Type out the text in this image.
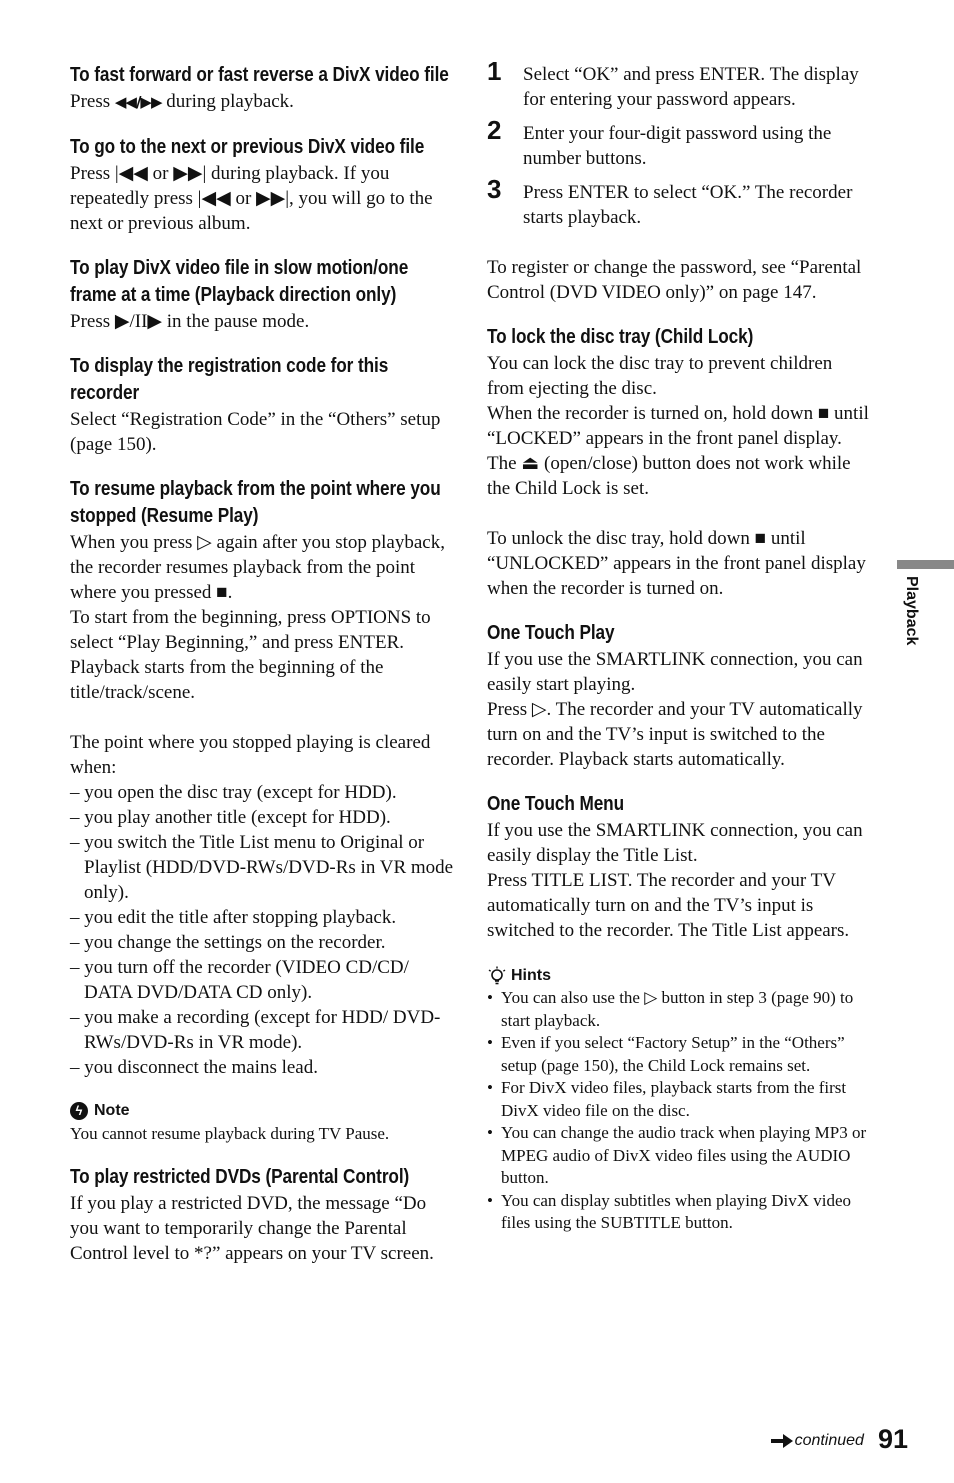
To fast forward or fast reverse a DivX video file

Press ◀◀/▶▶ during playback.

To go to the next or previous DivX video file

Press |◀◀ or ▶▶| during playback. If you repeatedly press |◀◀ or ▶▶|, you will go to the next or previous album.

To play DivX video file in slow motion/one frame at a time (Playback direction only)

Press ▶/II▶ in the pause mode.

To display the registration code for this recorder

Select “Registration Code” in the “Others” setup (page 150).

To resume playback from the point where you stopped (Resume Play)

When you press ▷ again after you stop playback, the recorder resumes playback from the point where you pressed ■.

To start from the beginning, press OPTIONS to select “Play Beginning,” and press ENTER. Playback starts from the beginning of the title/track/scene.

The point where you stopped playing is cleared when:

– you open the disc tray (except for HDD).
– you play another title (except for HDD).
– you switch the Title List menu to Original or Playlist (HDD/DVD-RWs/DVD-Rs in VR mode only).
– you edit the title after stopping playback.
– you change the settings on the recorder.
– you turn off the recorder (VIDEO CD/CD/ DATA DVD/DATA CD only).
– you make a recording (except for HDD/ DVD-RWs/DVD-Rs in VR mode).
– you disconnect the mains lead.
ϟ Note

You cannot resume playback during TV Pause.

To play restricted DVDs (Parental Control)

If you play a restricted DVD, the message “Do you want to temporarily change the Parental Control level to *?” appears on your TV screen.

1	Select “OK” and press ENTER. The display for entering your password appears.
2	Enter your four-digit password using the number buttons.
3	Press ENTER to select “OK.” The recorder starts playback.

To register or change the password, see “Parental Control (DVD VIDEO only)” on page 147.

To lock the disc tray (Child Lock)

You can lock the disc tray to prevent children from ejecting the disc.

When the recorder is turned on, hold down ■ until “LOCKED” appears in the front panel display. The ⏏ (open/close) button does not work while the Child Lock is set.

To unlock the disc tray, hold down ■ until “UNLOCKED” appears in the front panel display when the recorder is turned on.

One Touch Play

If you use the SMARTLINK connection, you can easily start playing.

Press ▷. The recorder and your TV automatically turn on and the TV’s input is switched to the recorder. Playback starts automatically.

One Touch Menu

If you use the SMARTLINK connection, you can easily display the Title List.

Press TITLE LIST. The recorder and your TV automatically turn on and the TV’s input is switched to the recorder. The Title List appears.

Hints
• You can also use the ▷ button in step 3 (page 90) to start playback.
• Even if you select “Factory Setup” in the “Others” setup (page 150), the Child Lock remains set.
• For DivX video files, playback starts from the first DivX video file on the disc.
• You can change the audio track when playing MP3 or MPEG audio of DivX video files using the AUDIO button.
• You can display subtitles when playing DivX video files using the SUBTITLE button.
Playback
continued 91
